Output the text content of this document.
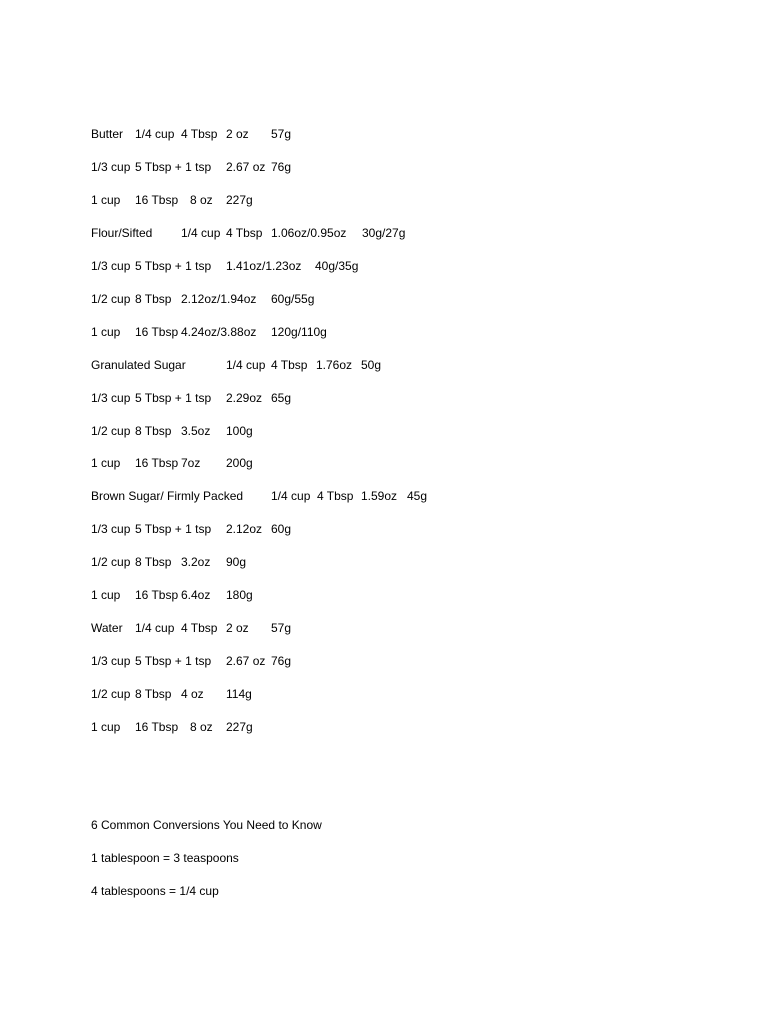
Butter 1/4 cup 4 Tbsp 2 oz 57g
1/3 cup 5 Tbsp + 1 tsp 2.67 oz 76g
1 cup 16 Tbsp 8 oz 227g
Flour/Sifted 1/4 cup 4 Tbsp 1.06oz/0.95oz 30g/27g
1/3 cup 5 Tbsp + 1 tsp 1.41oz/1.23oz 40g/35g
1/2 cup 8 Tbsp 2.12oz/1.94oz 60g/55g
1 cup 16 Tbsp 4.24oz/3.88oz 120g/110g
Granulated Sugar	1/4 cup 4 Tbsp 1.76oz 50g
1/3 cup 5 Tbsp + 1 tsp 2.29oz 65g
1/2 cup 8 Tbsp 3.5oz 100g
1 cup 16 Tbsp 7oz 200g
Brown Sugar/ Firmly Packed 1/4 cup 4 Tbsp 1.59oz 45g
1/3 cup 5 Tbsp + 1 tsp 2.12oz 60g
1/2 cup 8 Tbsp 3.2oz 90g
1 cup 16 Tbsp 6.4oz 180g
Water 1/4 cup 4 Tbsp 2 oz 57g
1/3 cup 5 Tbsp + 1 tsp 2.67 oz 76g
1/2 cup 8 Tbsp 4 oz 114g
1 cup 16 Tbsp 8 oz 227g
6 Common Conversions You Need to Know
1 tablespoon = 3 teaspoons
4 tablespoons = 1/4 cup
